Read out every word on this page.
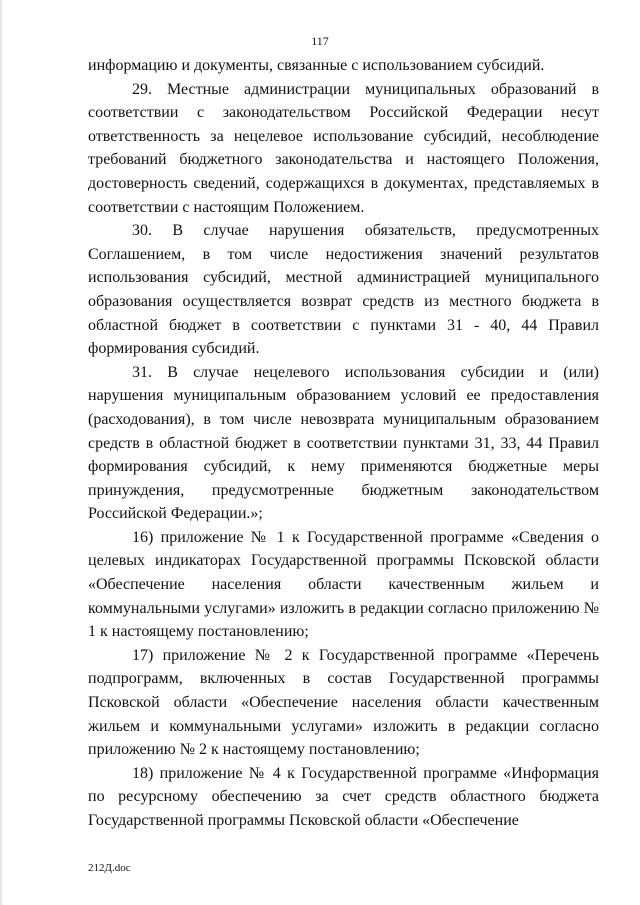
117

информацию и документы, связанные с использованием субсидий.

29. Местные администрации муниципальных образований в соответствии с законодательством Российской Федерации несут ответственность за нецелевое использование субсидий, несоблюдение требований бюджетного законодательства и настоящего Положения, достоверность сведений, содержащихся в документах, представляемых в соответствии с настоящим Положением.

30. В случае нарушения обязательств, предусмотренных Соглашением, в том числе недостижения значений результатов использования субсидий, местной администрацией муниципального образования осуществляется возврат средств из местного бюджета в областной бюджет в соответствии с пунктами 31 - 40, 44 Правил формирования субсидий.

31. В случае нецелевого использования субсидии и (или) нарушения муниципальным образованием условий ее предоставления (расходования), в том числе невозврата муниципальным образованием средств в областной бюджет в соответствии пунктами 31, 33, 44 Правил формирования субсидий, к нему применяются бюджетные меры принуждения, предусмотренные бюджетным законодательством Российской Федерации.»;

16) приложение № 1 к Государственной программе «Сведения о целевых индикаторах Государственной программы Псковской области «Обеспечение населения области качественным жильем и коммунальными услугами» изложить в редакции согласно приложению № 1 к настоящему постановлению;

17) приложение № 2 к Государственной программе «Перечень подпрограмм, включенных в состав Государственной программы Псковской области «Обеспечение населения области качественным жильем и коммунальными услугами» изложить в редакции согласно приложению № 2 к настоящему постановлению;

18) приложение № 4 к Государственной программе «Информация по ресурсному обеспечению за счет средств областного бюджета Государственной программы Псковской области «Обеспечение

212Д.doc
